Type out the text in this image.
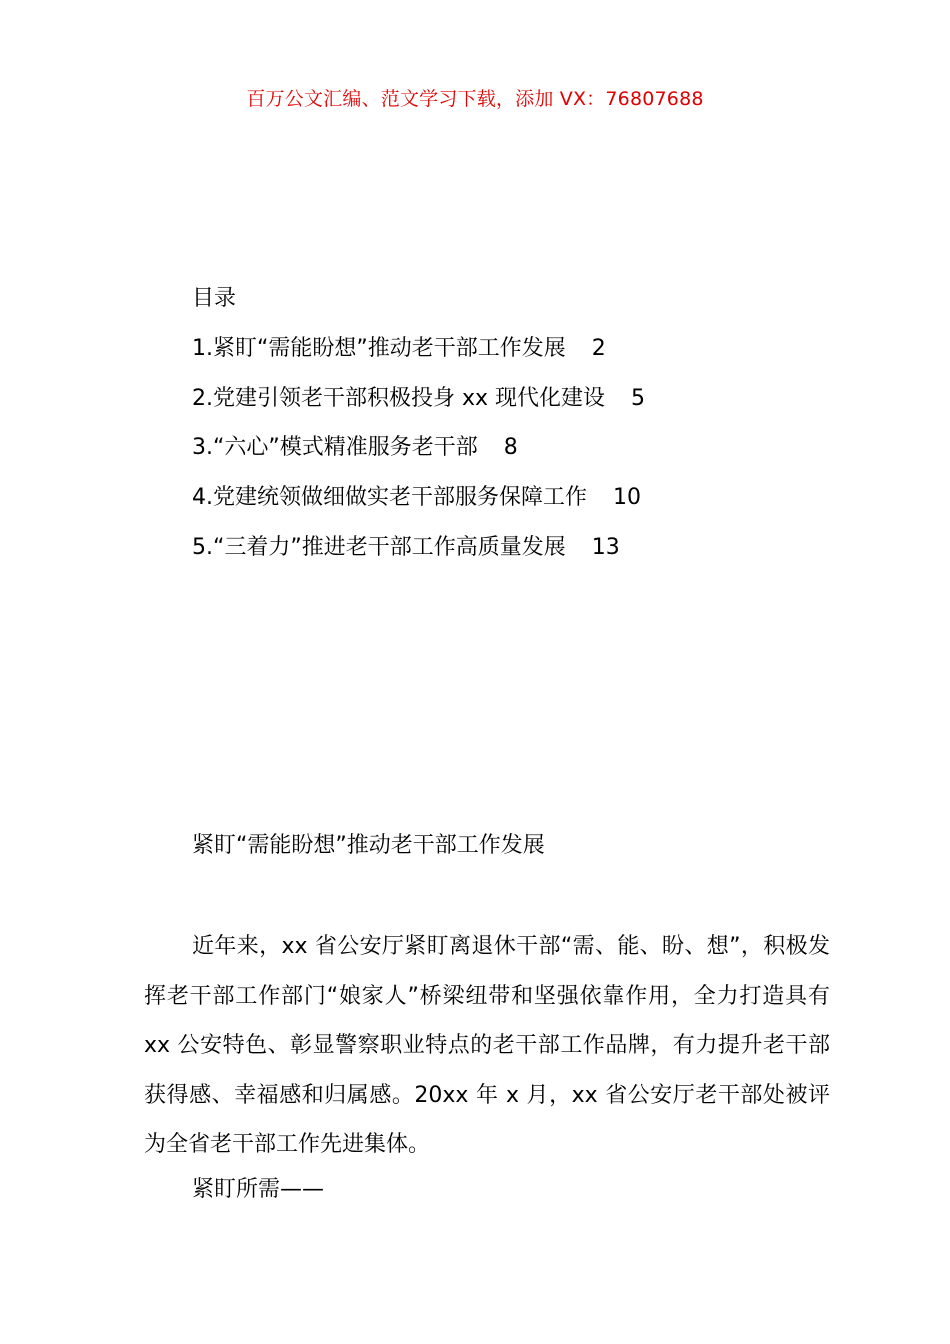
百万公文汇编、范文学习下载，添加 VX：76807688
目录
1.紧盯“需能盼想”推动老干部工作发展 2
2.党建引领老干部积极投身 xx 现代化建设 5
3.“六心”模式精准服务老干部 8
4.党建统领做细做实老干部服务保障工作 10
5.“三着力”推进老干部工作高质量发展 13
紧盯“需能盼想”推动老干部工作发展
近年来，xx 省公安厅紧盯离退休干部“需、能、盼、想”，积极发挥老干部工作部门“娘家人”桥梁纽带和坚强依靠作用，全力打造具有 xx 公安特色、彰显警察职业特点的老干部工作品牌，有力提升老干部获得感、幸福感和归属感。20xx 年 x 月，xx 省公安厅老干部处被评为全省老干部工作先进集体。
紧盯所需——
